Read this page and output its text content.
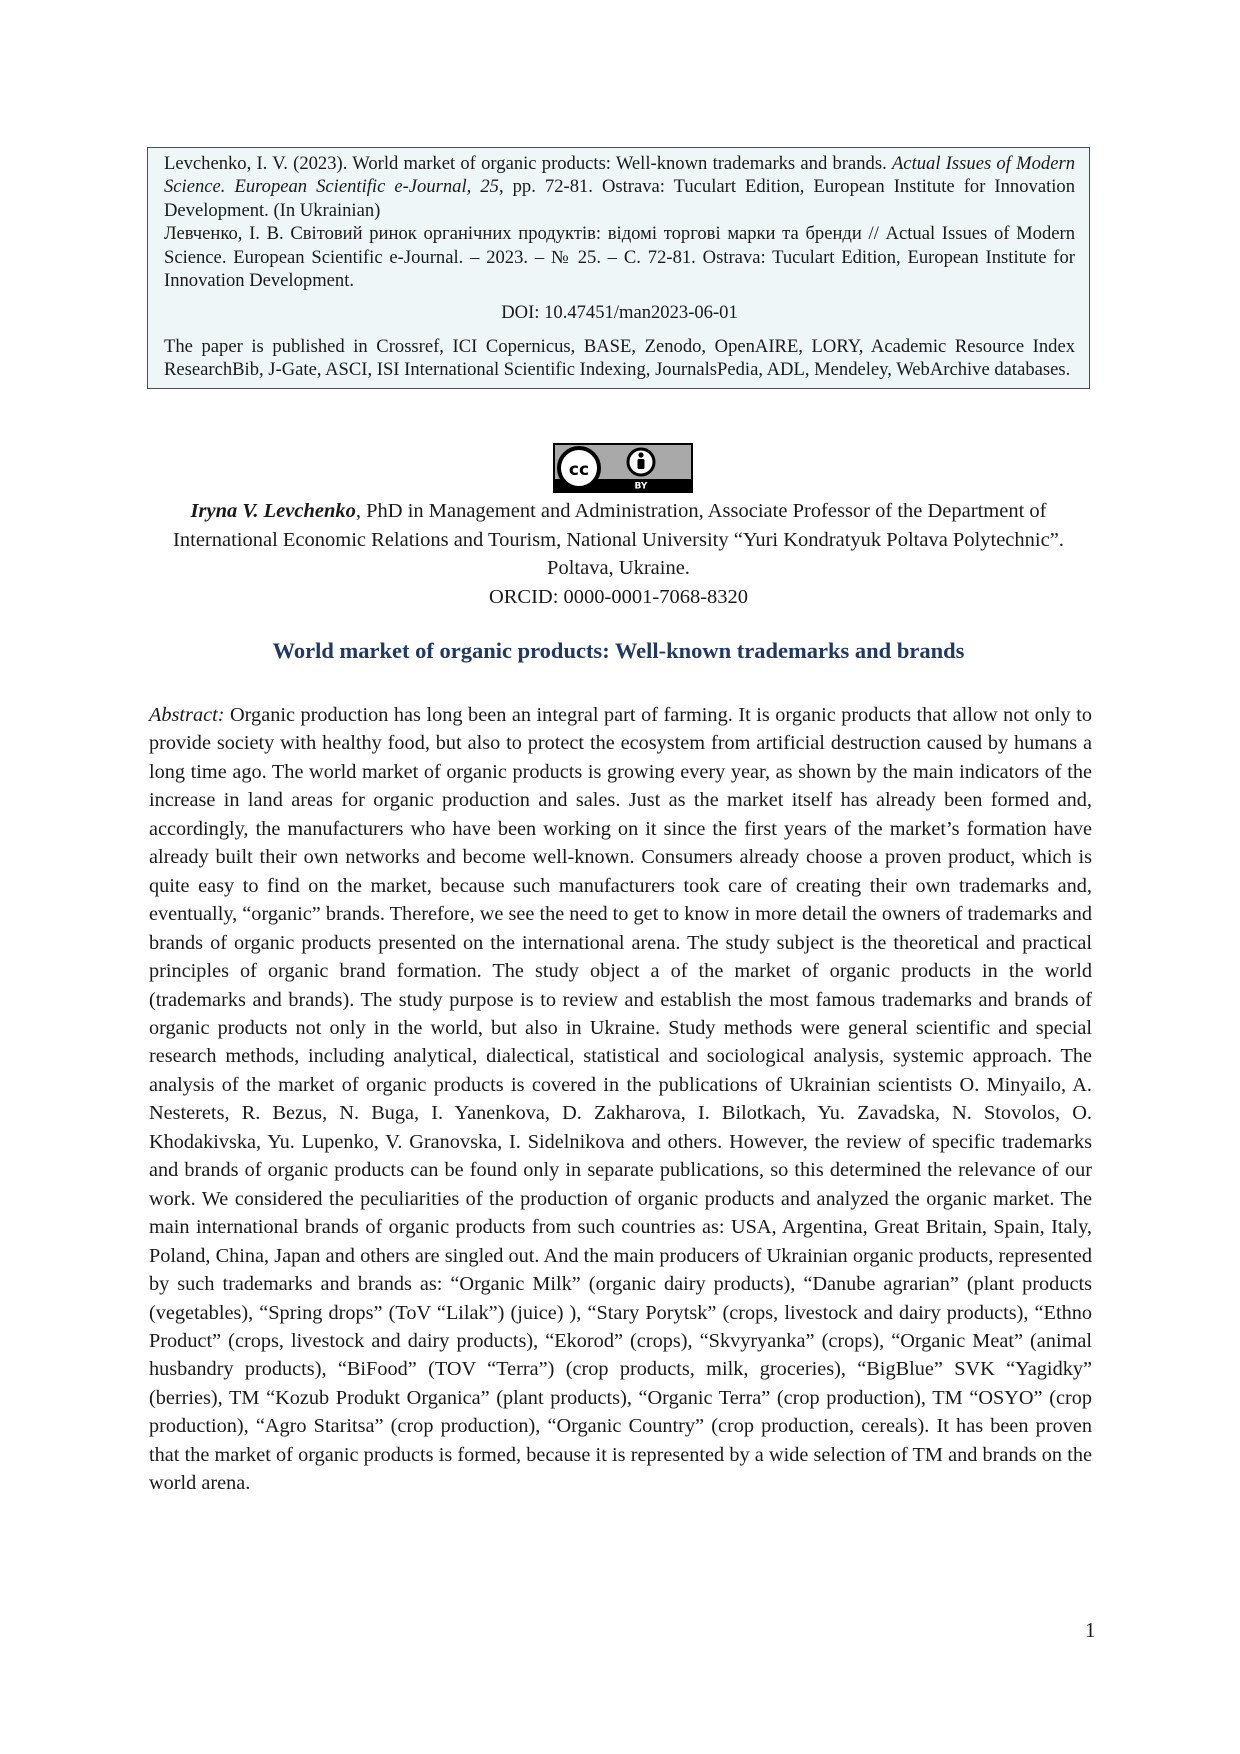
Levchenko, I. V. (2023). World market of organic products: Well-known trademarks and brands. Actual Issues of Modern Science. European Scientific e-Journal, 25, pp. 72-81. Ostrava: Tuculart Edition, European Institute for Innovation Development. (In Ukrainian)

Левченко, І. В. Світовий ринок органічних продуктів: відомі торгові марки та бренди // Actual Issues of Modern Science. European Scientific e-Journal. – 2023. – № 25. – С. 72-81. Ostrava: Tuculart Edition, European Institute for Innovation Development.

DOI: 10.47451/man2023-06-01

The paper is published in Crossref, ICI Copernicus, BASE, Zenodo, OpenAIRE, LORY, Academic Resource Index ResearchBib, J-Gate, ASCI, ISI International Scientific Indexing, JournalsPedia, ADL, Mendeley, WebArchive databases.

cc
BY
Iryna V. Levchenko, PhD in Management and Administration, Associate Professor of the Department of International Economic Relations and Tourism, National University “Yuri Kondratyuk Poltava Polytechnic”. Poltava, Ukraine.
ORCID: 0000-0001-7068-8320
World market of organic products: Well-known trademarks and brands

Abstract: Organic production has long been an integral part of farming. It is organic products that allow not only to provide society with healthy food, but also to protect the ecosystem from artificial destruction caused by humans a long time ago. The world market of organic products is growing every year, as shown by the main indicators of the increase in land areas for organic production and sales. Just as the market itself has already been formed and, accordingly, the manufacturers who have been working on it since the first years of the market’s formation have already built their own networks and become well-known. Consumers already choose a proven product, which is quite easy to find on the market, because such manufacturers took care of creating their own trademarks and, eventually, “organic” brands. Therefore, we see the need to get to know in more detail the owners of trademarks and brands of organic products presented on the international arena. The study subject is the theoretical and practical principles of organic brand formation. The study object a of the market of organic products in the world (trademarks and brands). The study purpose is to review and establish the most famous trademarks and brands of organic products not only in the world, but also in Ukraine. Study methods were general scientific and special research methods, including analytical, dialectical, statistical and sociological analysis, systemic approach. The analysis of the market of organic products is covered in the publications of Ukrainian scientists O. Minyailo, A. Nesterets, R. Bezus, N. Buga, I. Yanenkova, D. Zakharova, I. Bilotkach, Yu. Zavadska, N. Stovolos, O. Khodakivska, Yu. Lupenko, V. Granovska, I. Sidelnikova and others. However, the review of specific trademarks and brands of organic products can be found only in separate publications, so this determined the relevance of our work. We considered the peculiarities of the production of organic products and analyzed the organic market. The main international brands of organic products from such countries as: USA, Argentina, Great Britain, Spain, Italy, Poland, China, Japan and others are singled out. And the main producers of Ukrainian organic products, represented by such trademarks and brands as: “Organic Milk” (organic dairy products), “Danube agrarian” (plant products (vegetables), “Spring drops” (ToV “Lilak”) (juice) ), “Stary Porytsk” (crops, livestock and dairy products), “Ethno Product” (crops, livestock and dairy products), “Ekorod” (crops), “Skvyryanka” (crops), “Organic Meat” (animal husbandry products), “BiFood” (TOV “Terra”) (crop products, milk, groceries), “BigBlue” SVK “Yagidky” (berries), TM “Kozub Produkt Organica” (plant products), “Organic Terra” (crop production), TM “OSYO” (crop production), “Agro Staritsa” (crop production), “Organic Country” (crop production, cereals). It has been proven that the market of organic products is formed, because it is represented by a wide selection of TM and brands on the world arena.

1
